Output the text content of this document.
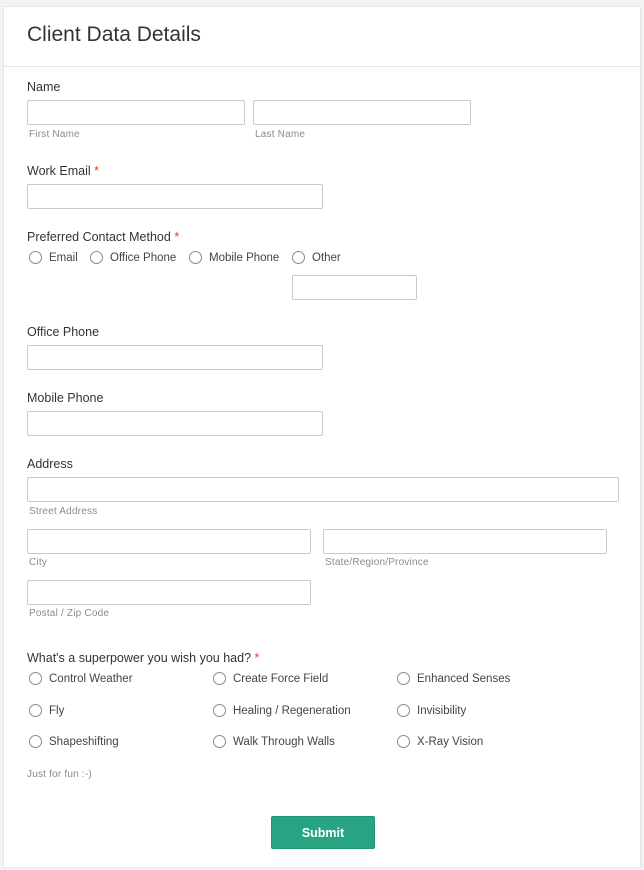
Client Data Details
Name
First Name	Last Name
Work Email *
Preferred Contact Method *
Email	Office Phone	Mobile Phone	Other
Office Phone
Mobile Phone
Address
Street Address
City	State/Region/Province
Postal / Zip Code
What's a superpower you wish you had? *
Control Weather	Create Force Field	Enhanced Senses
Fly	Healing / Regeneration	Invisibility
Shapeshifting	Walk Through Walls	X-Ray Vision
Just for fun :-)
Submit
